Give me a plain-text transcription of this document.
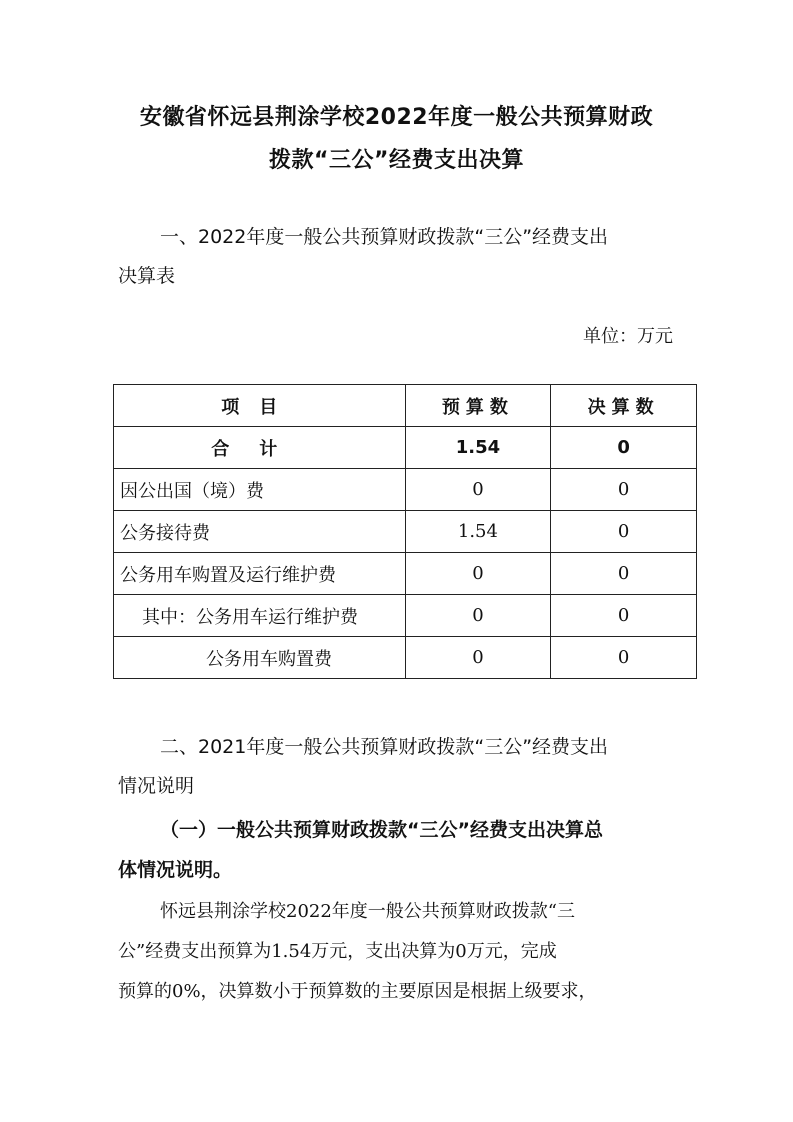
安徽省怀远县荆涂学校2022年度一般公共预算财政
拨款“三公”经费支出决算
一、2022年度一般公共预算财政拨款“三公”经费支出
决算表
单位：万元
项目	预算数	决算数
合计	1.54	0
因公出国（境）费	0	0
公务接待费	1.54	0
公务用车购置及运行维护费	0	0
其中：公务用车运行维护费	0	0
公务用车购置费	0	0
二、2021年度一般公共预算财政拨款“三公”经费支出
情况说明
（一）一般公共预算财政拨款“三公”经费支出决算总
体情况说明。
怀远县荆涂学校2022年度一般公共预算财政拨款“三
公”经费支出预算为1.54万元，支出决算为0万元，完成
预算的0%，决算数小于预算数的主要原因是根据上级要求，
